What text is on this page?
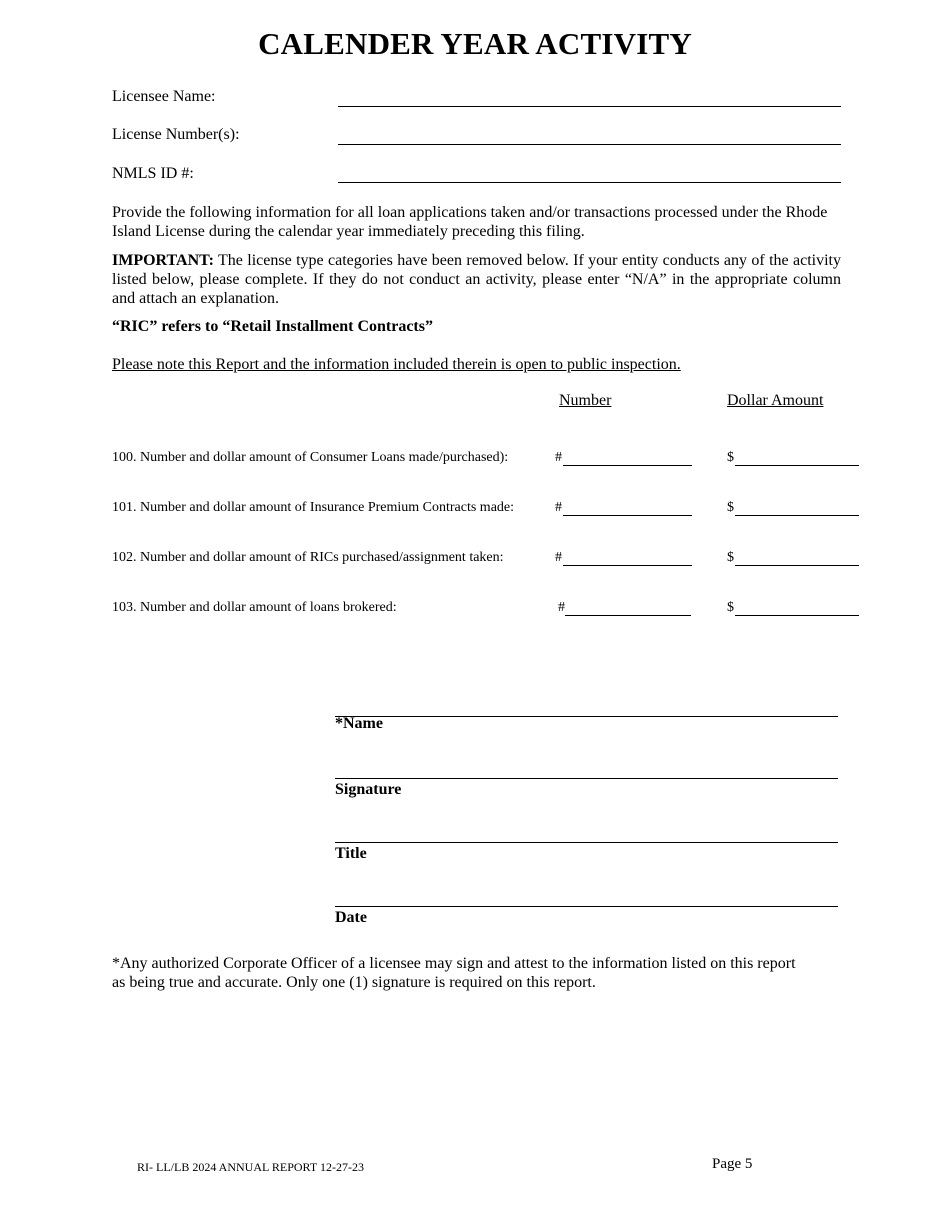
CALENDER YEAR ACTIVITY
Licensee Name:
License Number(s):
NMLS ID #:
Provide the following information for all loan applications taken and/or transactions processed under the Rhode Island License during the calendar year immediately preceding this filing.
IMPORTANT: The license type categories have been removed below. If your entity conducts any of the activity listed below, please complete. If they do not conduct an activity, please enter “N/A” in the appropriate column and attach an explanation.
“RIC” refers to “Retail Installment Contracts”
Please note this Report and the information included therein is open to public inspection.
Number	Dollar Amount
100. Number and dollar amount of Consumer Loans made/purchased):	#	$
101. Number and dollar amount of Insurance Premium Contracts made:	#	$
102. Number and dollar amount of RICs purchased/assignment taken:	#	$
103. Number and dollar amount of loans brokered:	#	$
*Name
Signature
Title
Date
*Any authorized Corporate Officer of a licensee may sign and attest to the information listed on this report as being true and accurate. Only one (1) signature is required on this report.
RI- LL/LB 2024 ANNUAL REPORT 12-27-23	Page 5
